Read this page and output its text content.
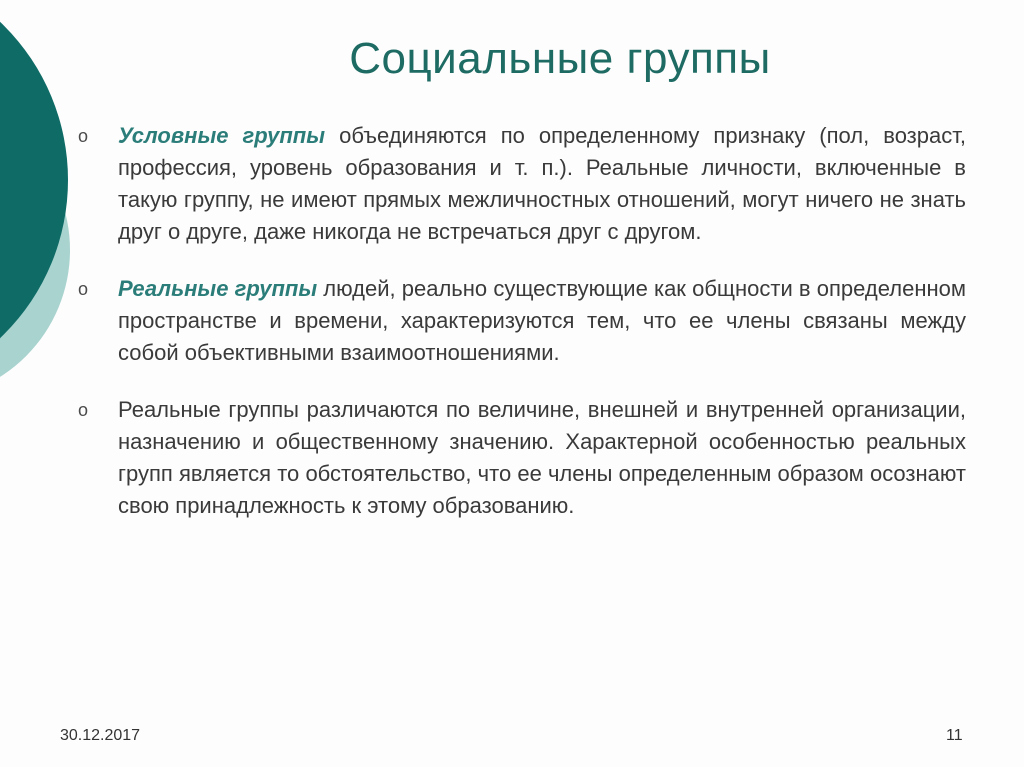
Социальные группы
o	Условные группы объединяются по определенному признаку (пол, возраст, профессия, уровень образования и т. п.). Реальные личности, включенные в такую группу, не имеют прямых межличностных отношений, могут ничего не знать друг о друге, даже никогда не встречаться друг с другом.
o	Реальные группы людей, реально существующие как общности в определенном пространстве и времени, характеризуются тем, что ее члены связаны между собой объективными взаимоотношениями.
o	Реальные группы различаются по величине, внешней и внутренней организации, назначению и общественному значению. Характерной особенностью реальных групп является то обстоятельство, что ее члены определенным образом осознают свою принадлежность к этому образованию.
30.12.2017	11
